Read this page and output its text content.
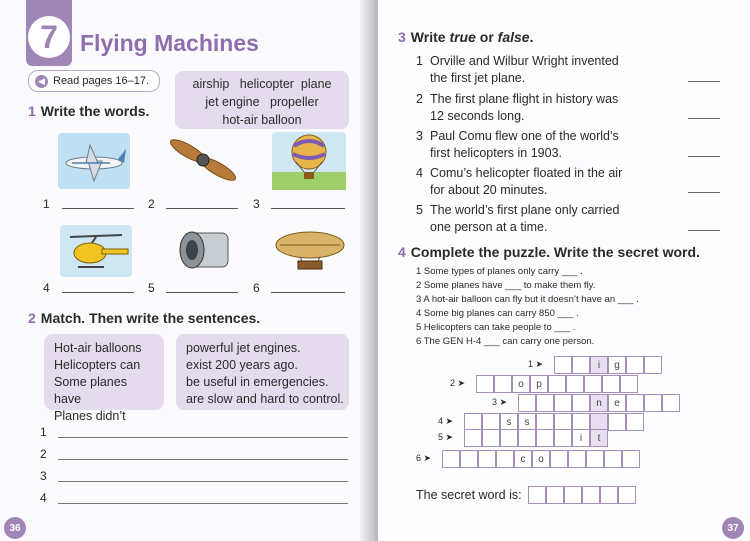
7 Flying Machines
◀ Read pages 16–17.	airship   helicopter  plane
jet engine   propeller
hot-air balloon
1 Write the words.
1	2	3
4	5	6
2 Match. Then write the sentences.
Hot-air balloons
Helicopters can
Some planes have
Planes didn’t
powerful jet engines.
exist 200 years ago.
be useful in emergencies.
are slow and hard to control.
1
2
3
4
36
3 Write true or false.
1 Orville and Wilbur Wright invented
the first jet plane.
2 The first plane flight in history was
12 seconds long.
3 Paul Comu flew one of the world’s
first helicopters in 1903.
4 Comu’s helicopter floated in the air
for about 20 minutes.
5 The world’s first plane only carried
one person at a time.
4 Complete the puzzle. Write the secret word.
1 Some types of planes only carry ___ .
2 Some planes have ___ to make them fly.
3 A hot-air balloon can fly but it doesn’t have an ___ .
4 Some big planes can carry 850 ___ .
5 Helicopters can take people to ___ .
6 The GEN H-4 ___ can carry one person.
1 ➤	i	g
2 ➤	o	p
3 ➤	n	e
4 ➤	s	s
5 ➤	i	t
6 ➤	c	o
The secret word is:
37
